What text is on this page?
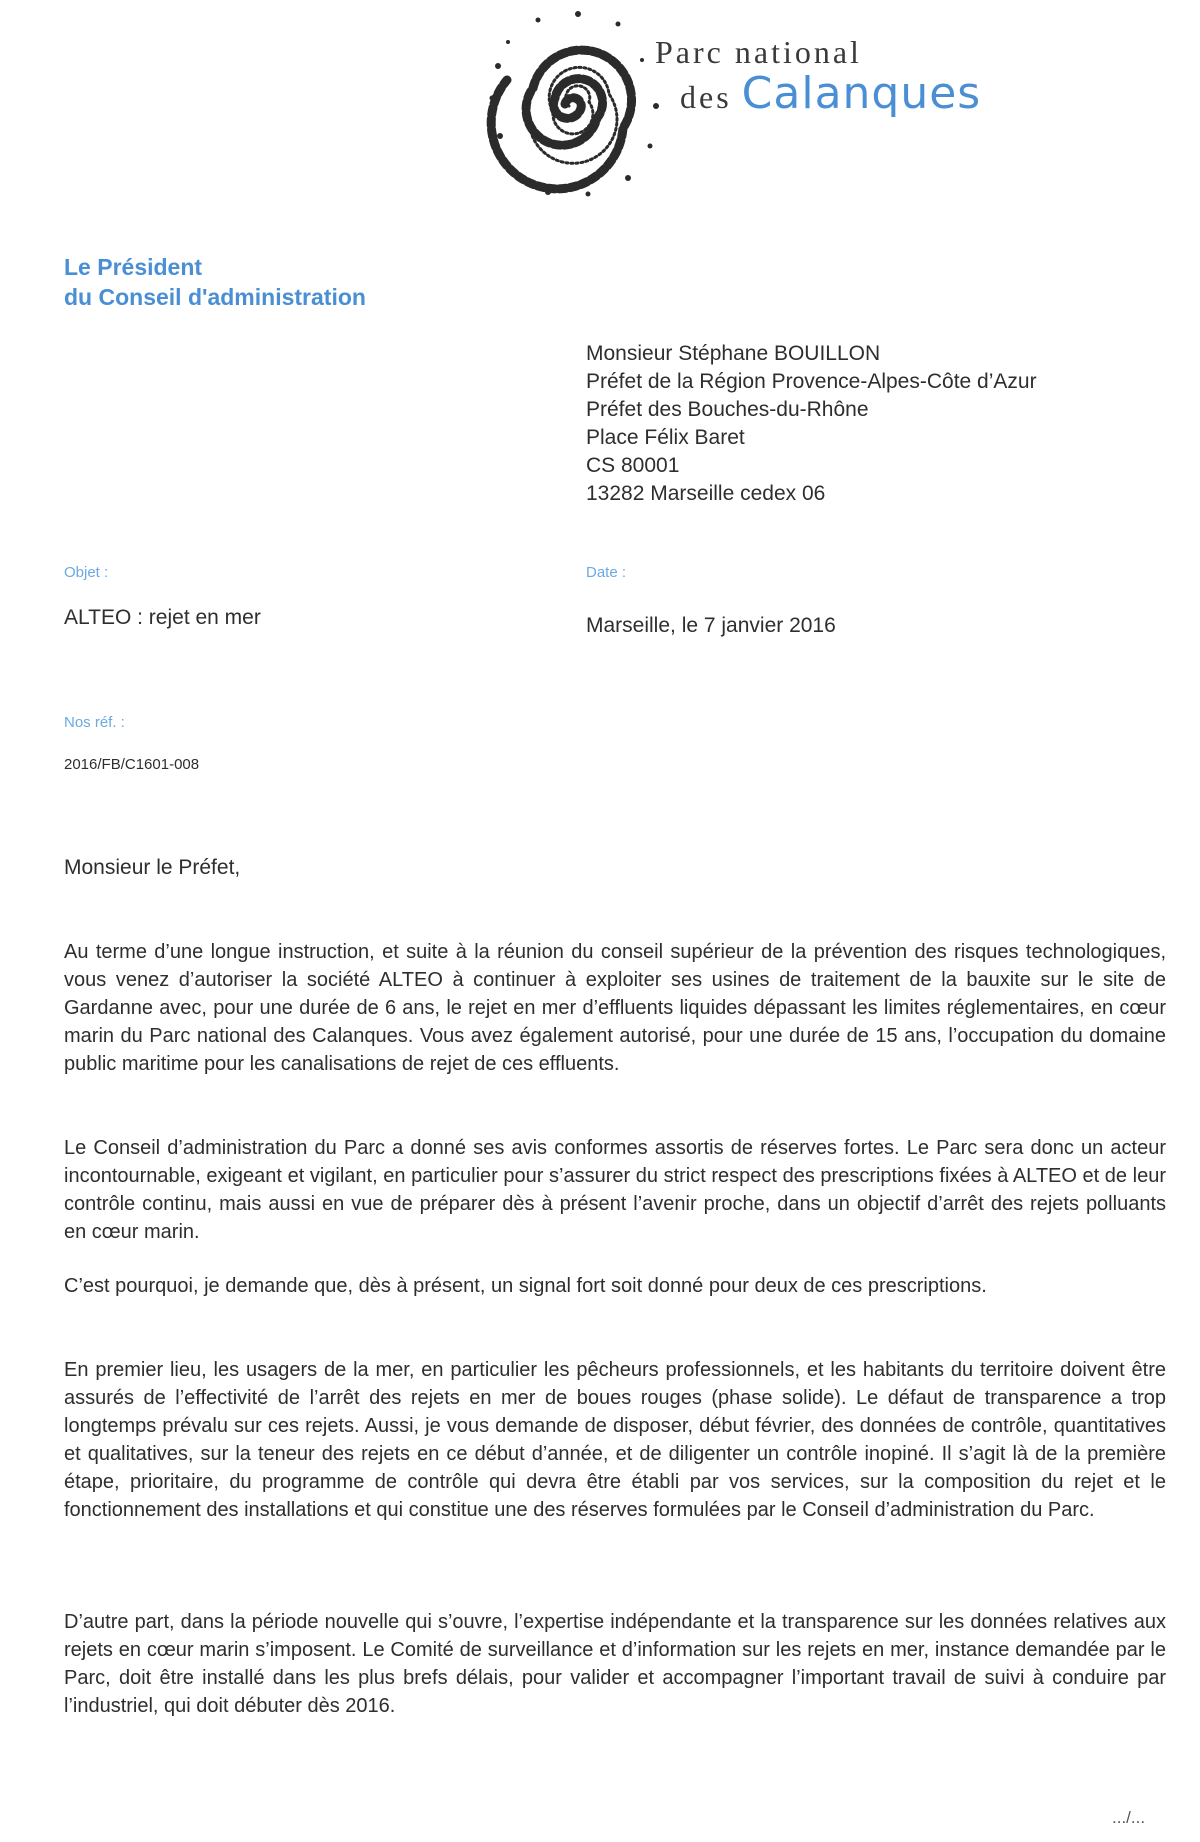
Parc national
des Calanques
Le Président
du Conseil d'administration
Monsieur Stéphane BOUILLON
Préfet de la Région Provence-Alpes-Côte d’Azur
Préfet des Bouches-du-Rhône
Place Félix Baret
CS 80001
13282 Marseille cedex 06
Objet :
ALTEO : rejet en mer
Date :
Marseille, le 7 janvier 2016
Nos réf. :
2016/FB/C1601-008
Monsieur le Préfet,
Au terme d’une longue instruction, et suite à la réunion du conseil supérieur de la prévention des risques technologiques, vous venez d’autoriser la société ALTEO à continuer à exploiter ses usines de traitement de la bauxite sur le site de Gardanne avec, pour une durée de 6 ans, le rejet en mer d’effluents liquides dépassant les limites réglementaires, en cœur marin du Parc national des Calanques. Vous avez également autorisé, pour une durée de 15 ans, l’occupation du domaine public maritime pour les canalisations de rejet de ces effluents.
Le Conseil d’administration du Parc a donné ses avis conformes assortis de réserves fortes. Le Parc sera donc un acteur incontournable, exigeant et vigilant, en particulier pour s’assurer du strict respect des prescriptions fixées à ALTEO et de leur contrôle continu, mais aussi en vue de préparer dès à présent l’avenir proche, dans un objectif d’arrêt des rejets polluants en cœur marin.
C’est pourquoi, je demande que, dès à présent, un signal fort soit donné pour deux de ces prescriptions.
En premier lieu, les usagers de la mer, en particulier les pêcheurs professionnels, et les habitants du territoire doivent être assurés de l’effectivité de l’arrêt des rejets en mer de boues rouges (phase solide). Le défaut de transparence a trop longtemps prévalu sur ces rejets. Aussi, je vous demande de disposer, début février, des données de contrôle, quantitatives et qualitatives, sur la teneur des rejets en ce début d’année, et de diligenter un contrôle inopiné. Il s’agit là de la première étape, prioritaire, du programme de contrôle qui devra être établi par vos services, sur la composition du rejet et le fonctionnement des installations et qui constitue une des réserves formulées par le Conseil d’administration du Parc.
D’autre part, dans la période nouvelle qui s’ouvre, l’expertise indépendante et la transparence sur les données relatives aux rejets en cœur marin s’imposent. Le Comité de surveillance et d’information sur les rejets en mer, instance demandée par le Parc, doit être installé dans les plus brefs délais, pour valider et accompagner l’important travail de suivi à conduire par l’industriel, qui doit débuter dès 2016.
.../...
